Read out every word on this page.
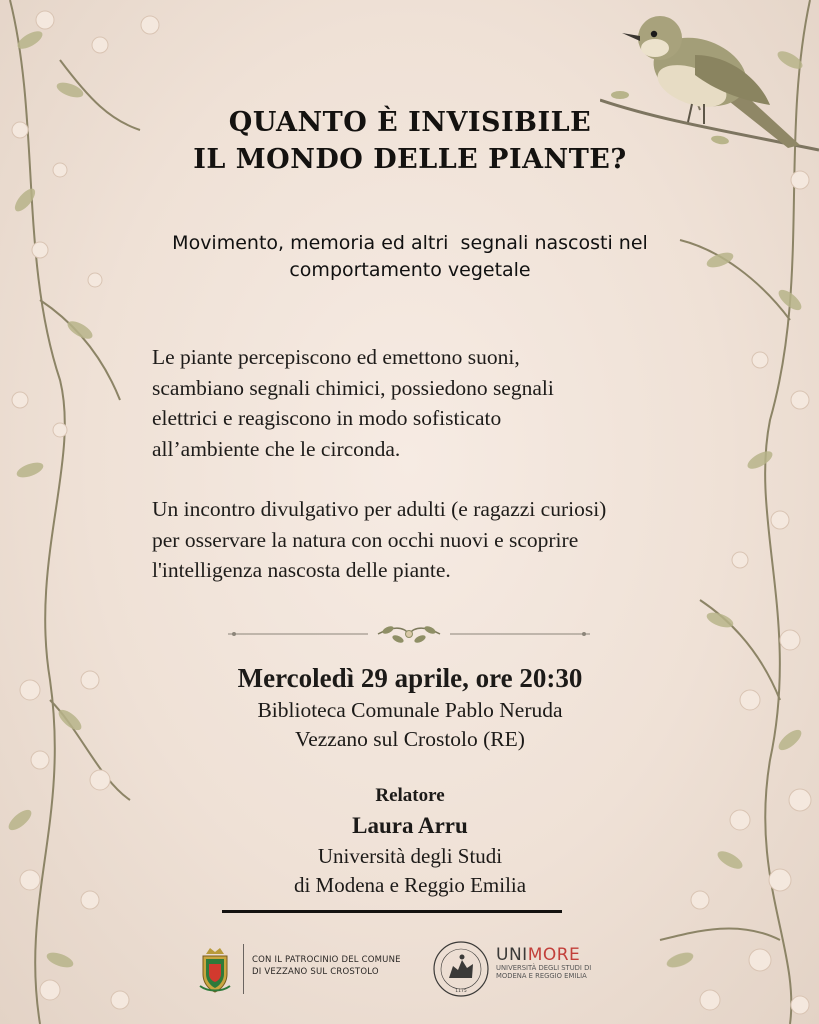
QUANTO È INVISIBILE
IL MONDO DELLE PIANTE?
Movimento, memoria ed altri  segnali nascosti nel
comportamento vegetale
Le piante percepiscono ed emettono suoni,
scambiano segnali chimici, possiedono segnali
elettrici e reagiscono in modo sofisticato
all’ambiente che le circonda.
Un incontro divulgativo per adulti (e ragazzi curiosi)
per osservare la natura con occhi nuovi e scoprire
l'intelligenza nascosta delle piante.
Mercoledì 29 aprile, ore 20:30
Biblioteca Comunale Pablo Neruda
Vezzano sul Crostolo (RE)
Relatore
Laura Arru
Università degli Studi
di Modena e Reggio Emilia
CON IL PATROCINIO DEL COMUNE
DI VEZZANO SUL CROSTOLO
1175
UNIMORE
UNIVERSITÀ DEGLI STUDI DI
MODENA E REGGIO EMILIA
